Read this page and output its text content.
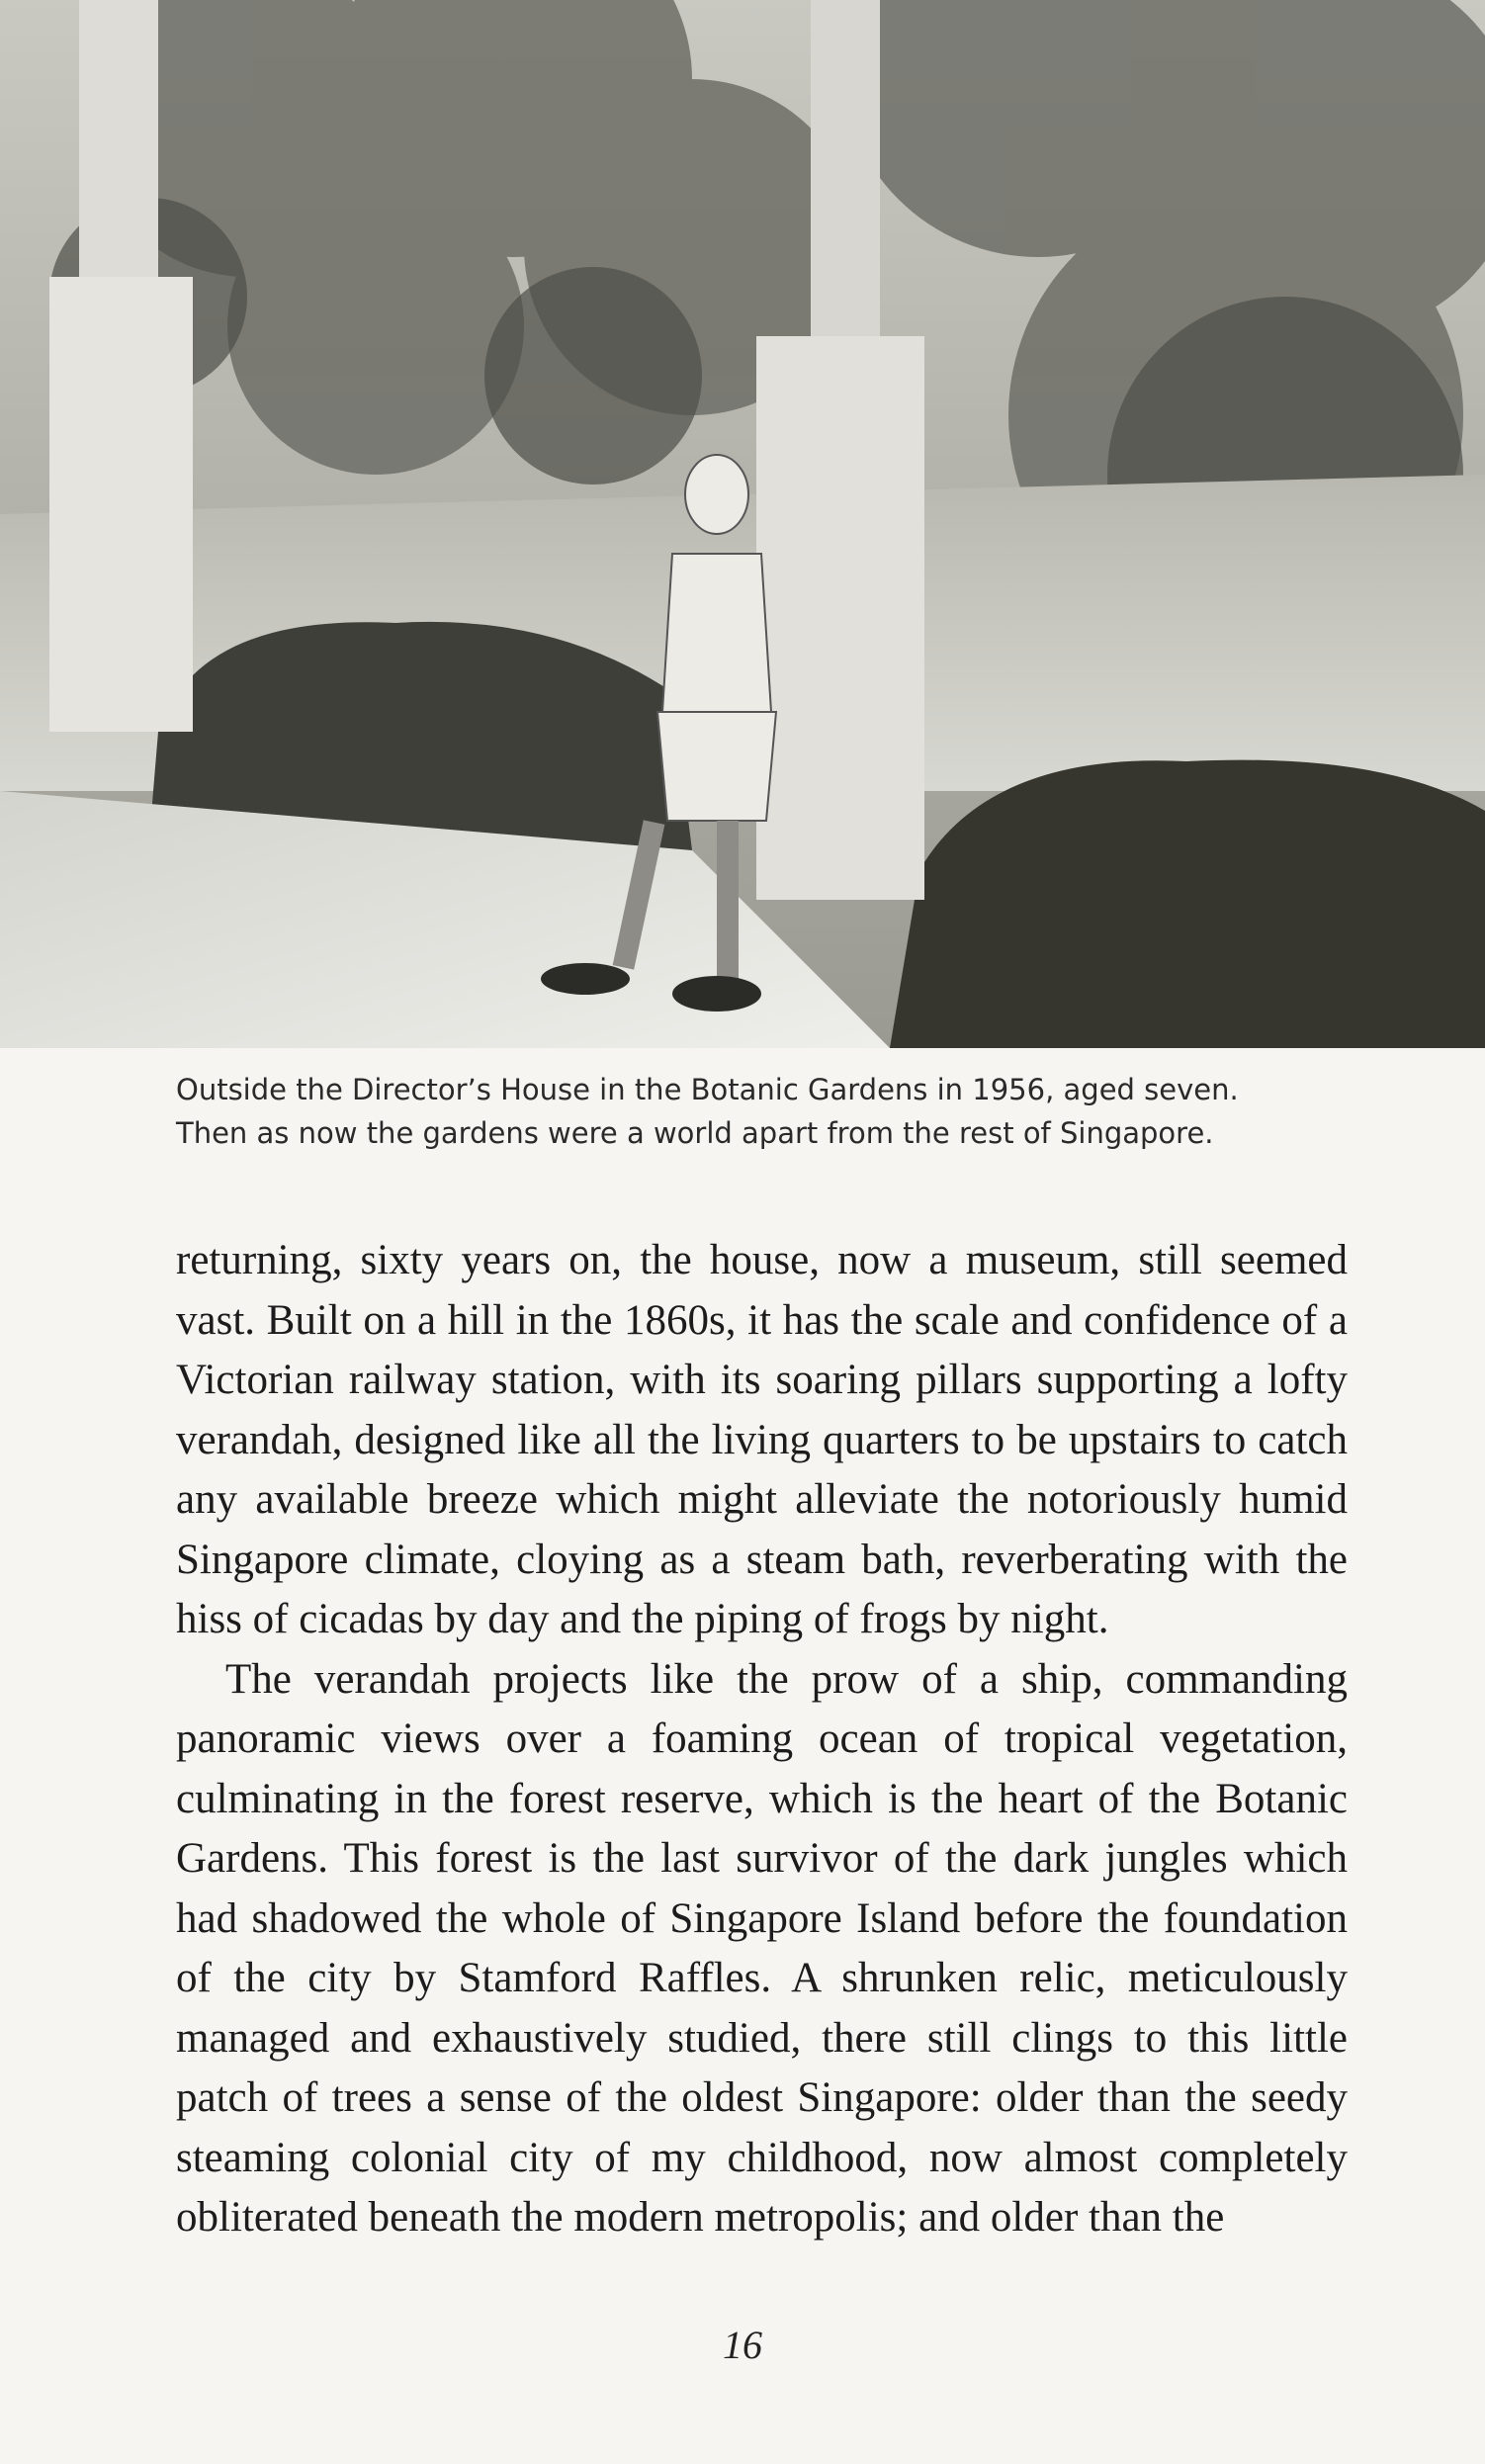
Outside the Director’s House in the Botanic Gardens in 1956, aged seven.

Then as now the gardens were a world apart from the rest of Singapore.

returning, sixty years on, the house, now a museum, still seemed vast. Built on a hill in the 1860s, it has the scale and confidence of a Victorian railway station, with its soaring pillars supporting a lofty verandah, designed like all the living quarters to be upstairs to catch any available breeze which might alleviate the notoriously humid Singapore climate, cloying as a steam bath, reverberating with the hiss of cicadas by day and the piping of frogs by night.

The verandah projects like the prow of a ship, commanding panoramic views over a foaming ocean of tropical vegetation, culminating in the forest reserve, which is the heart of the Botanic Gardens. This forest is the last survivor of the dark jungles which had shadowed the whole of Singapore Island before the foundation of the city by Stamford Raffles. A shrunken relic, meticulously managed and exhaustively studied, there still clings to this little patch of trees a sense of the oldest Singapore: older than the seedy steaming colonial city of my childhood, now almost completely obliterated beneath the modern metropolis; and older than the

16
